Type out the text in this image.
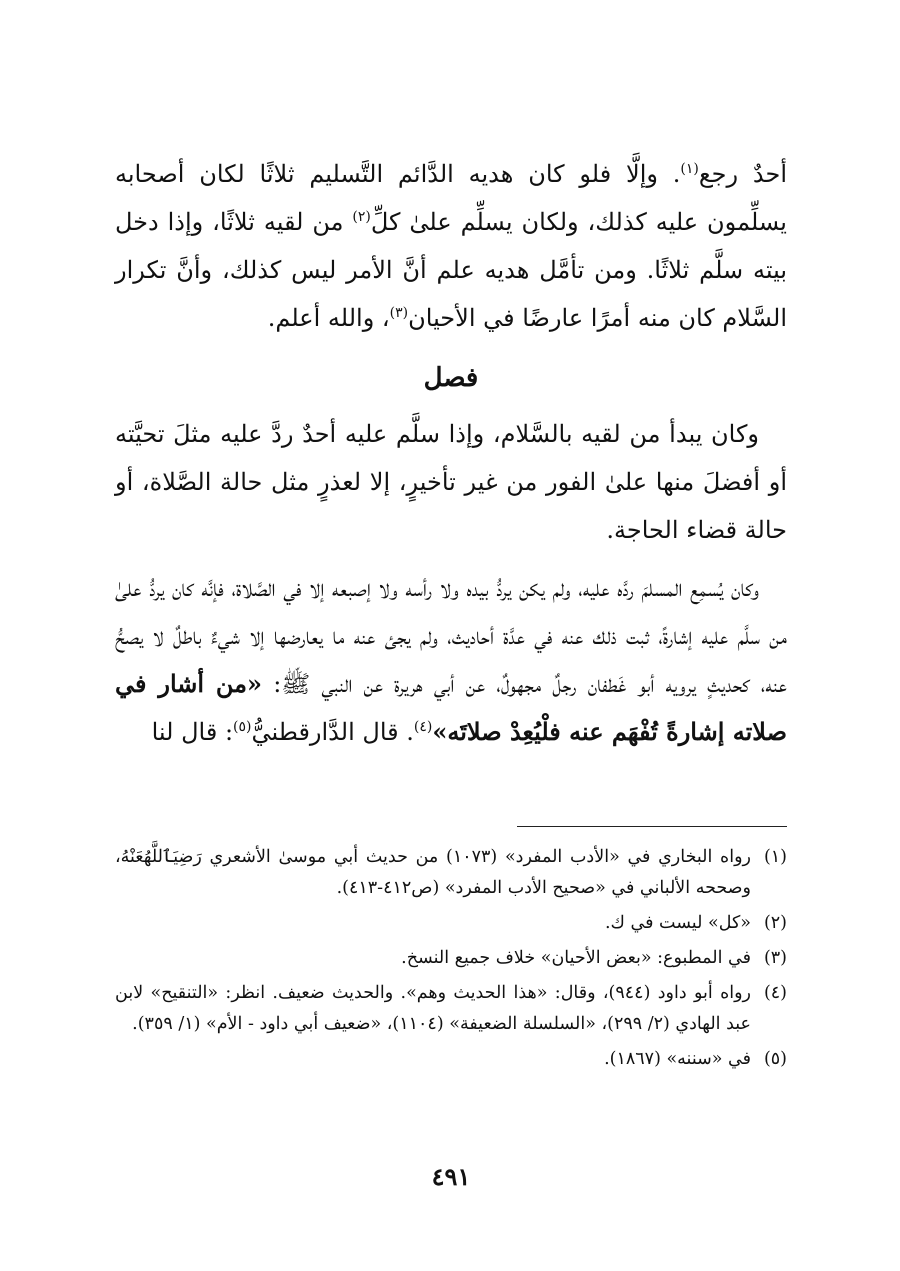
أحدٌ رجع$^{(١)}$. وإلَّا فلو كان هديه الدَّائم التَّسليم ثلاثًا لكان أصحابه يسلِّمون عليه كذلك، ولكان يسلِّم علىٰ كلِّ$^{(٢)}$ من لقيه ثلاثًا، وإذا دخل بيته سلَّم ثلاثًا. ومن تأمَّل هديه علم أنَّ الأمر ليس كذلك، وأنَّ تكرار السَّلام كان منه أمرًا عارضًا في الأحيان$^{(٣)}$، والله أعلم.

فصل

وكان يبدأ من لقيه بالسَّلام، وإذا سلَّم عليه أحدٌ ردَّ عليه مثلَ تحيَّته أو أفضلَ منها علىٰ الفور من غير تأخيرٍ، إلا لعذرٍ مثل حالة الصَّلاة، أو حالة قضاء الحاجة.

وكان يُسمِع المسلمَ ردَّه عليه، ولم يكن يردُّ بيده ولا رأسه ولا إصبعه إلا في الصَّلاة، فإنَّه كان يردُّ علىٰ من سلَّم عليه إشارةً، ثبت ذلك عنه في عدَّة أحاديث، ولم يجئ عنه ما يعارضها إلا شيءٌ باطلٌ لا يصحُّ عنه، كحديثٍ يرويه أبو غَطفان رجلٌ مجهولٌ، عن أبي هريرة عن النبي ﷺ: «من أشار في صلاته إشارةً تُفْهَم عنه فلْيُعِدْ صلاتَه»$^{(٤)}$. قال الدَّارقطنيُّ$^{(٥)}$: قال لنا

(١)
رواه البخاري في «الأدب المفرد» (١٠٧٣) من حديث أبي موسىٰ الأشعري رَضِيَٱللَّهُعَنْهُ، وصححه الألباني في «صحيح الأدب المفرد» (ص٤١٢-٤١٣).
(٢)
«كل» ليست في ك.
(٣)
في المطبوع: «بعض الأحيان» خلاف جميع النسخ.
(٤)
رواه أبو داود (٩٤٤)، وقال: «هذا الحديث وهم». والحديث ضعيف. انظر: «التنقيح» لابن عبد الهادي (٢/ ٢٩٩)، «السلسلة الضعيفة» (١١٠٤)، «ضعيف أبي داود - الأم» (١/ ٣٥٩).
(٥)
في «سننه» (١٨٦٧).
٤٩١
